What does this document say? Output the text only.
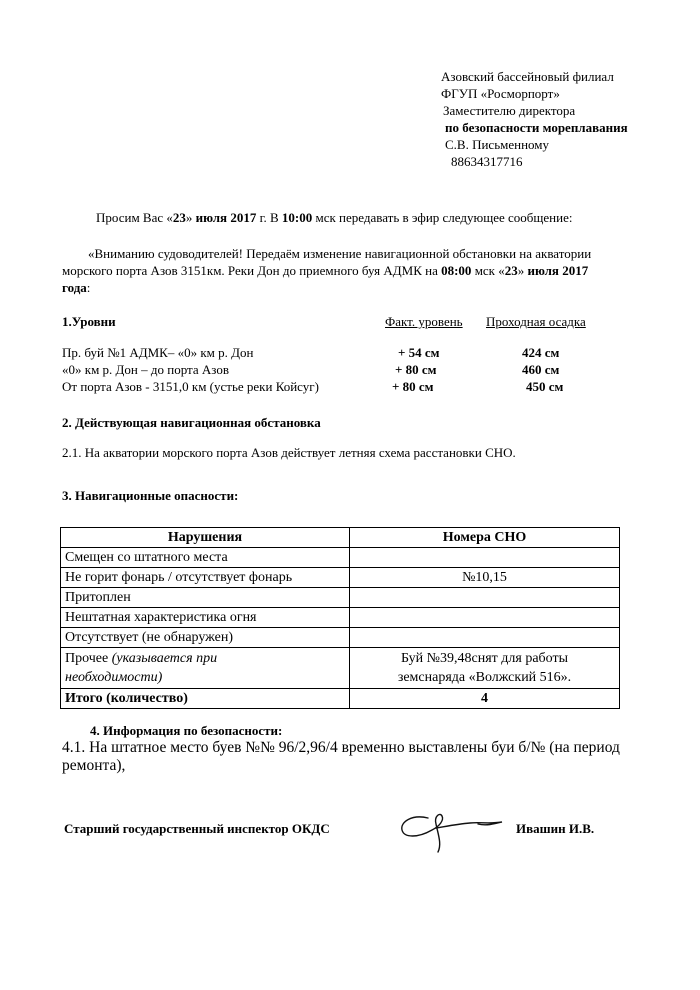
Азовский бассейновый филиал
ФГУП «Росморпорт»
Заместителю директора
по безопасности мореплавания
С.В. Письменному
88634317716
Просим Вас «23» июля 2017 г. В 10:00 мск передавать в эфир следующее сообщение:
«Вниманию судоводителей! Передаём изменение навигационной обстановки на акватории
морского порта Азов 3151км. Реки Дон до приемного буя АДМК на 08:00 мск «23» июля 2017
года:
1.Уровни	Факт. уровень Проходная осадка
Пр. буй №1 АДМК– «0» км р. Дон	+ 54 см	424 см
«0» км р. Дон – до порта Азов	+ 80 см	460 см
От порта Азов - 3151,0 км (устье реки Койсуг)	+ 80 см	450 см
2. Действующая навигационная обстановка
2.1. На акватории морского порта Азов действует летняя схема расстановки СНО.
3. Навигационные опасности:
Нарушения	Номера СНО
Смещен со штатного места	
Не горит фонарь / отсутствует фонарь	№10,15
Притоплен	
Нештатная характеристика огня	
Отсутствует (не обнаружен)	
Прочее (указывается при
необходимости)	Буй №39,48снят для работы
земснаряда «Волжский 516».
Итого (количество)	4
4. Информация по безопасности:
4.1. На штатное место буев №№ 96/2,96/4 временно выставлены буи б/№ (на период
ремонта),
Старший государственный инспектор ОКДС	Ивашин И.В.
